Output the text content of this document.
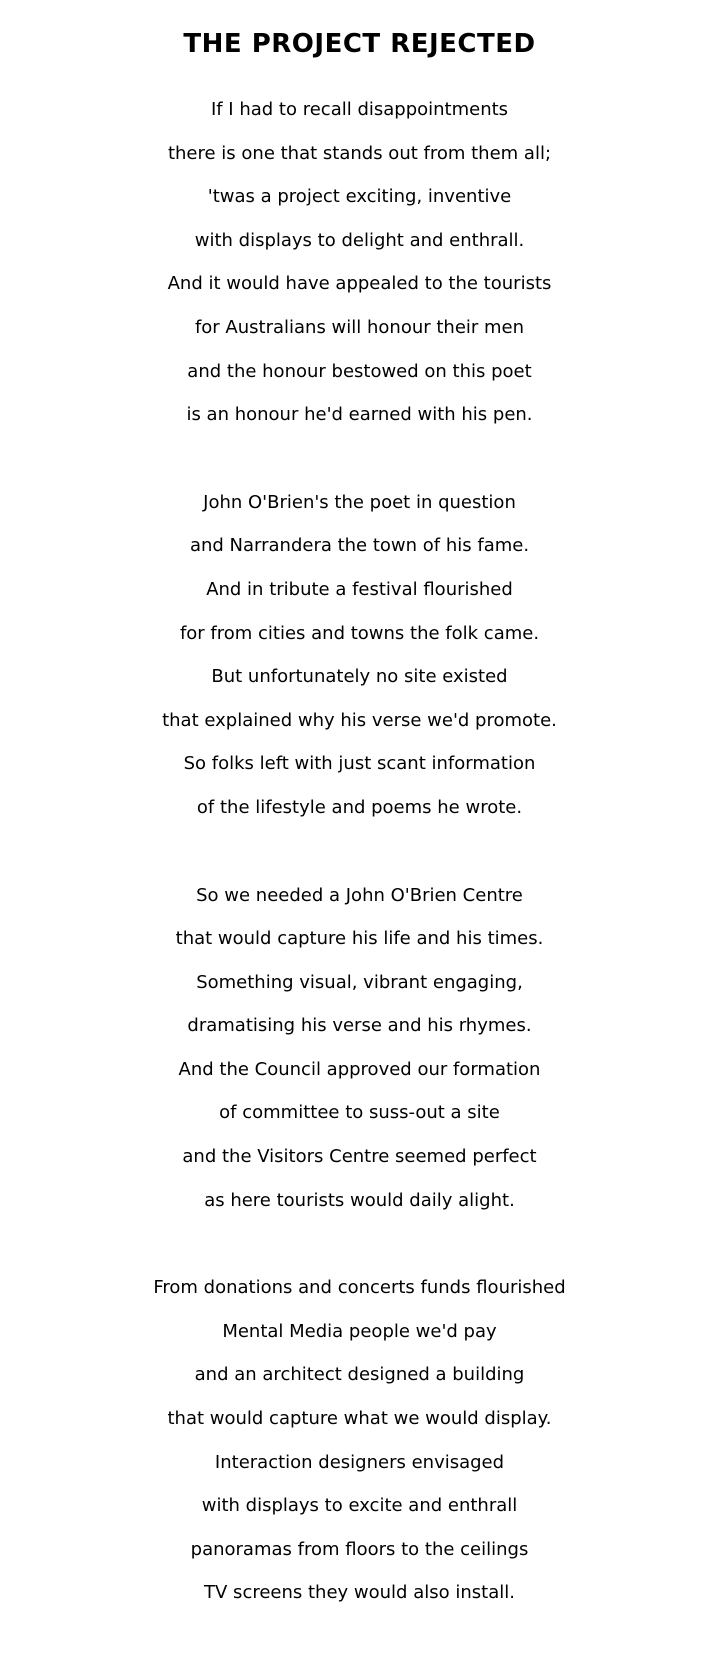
THE PROJECT REJECTED
If I had to recall disappointments
there is one that stands out from them all;
'twas a project exciting, inventive
with displays to delight and enthrall.
And it would have appealed to the tourists
for Australians will honour their men
and the honour bestowed on this poet
is an honour he'd earned with his pen.
John O'Brien's the poet in question
and Narrandera the town of his fame.
And in tribute a festival flourished
for from cities and towns the folk came.
But unfortunately no site existed
that explained why his verse we'd promote.
So folks left with just scant information
of the lifestyle and poems he wrote.
So we needed a John O'Brien Centre
that would capture his life and his times.
Something visual, vibrant engaging,
dramatising his verse and his rhymes.
And the Council approved our formation
of committee to suss-out a site
and the Visitors Centre seemed perfect
as here tourists would daily alight.
From donations and concerts funds flourished
Mental Media people we'd pay
and an architect designed a building
that would capture what we would display.
Interaction designers envisaged
with displays to excite and enthrall
panoramas from floors to the ceilings
TV screens they would also install.
